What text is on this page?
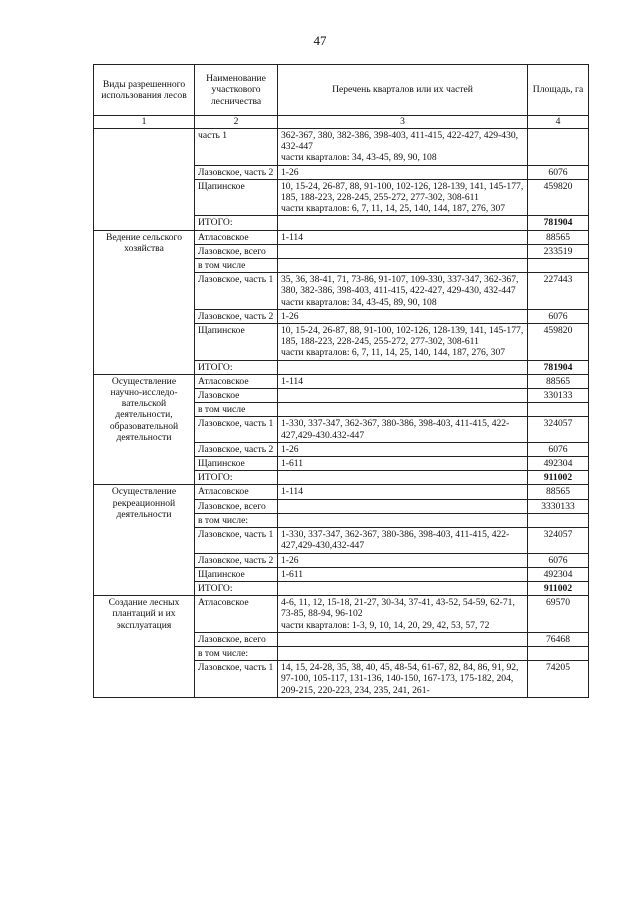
47
Виды разрешенного использования лесов	Наименование участкового лесничества	Перечень кварталов или их частей	Площадь, га
1	2	3	4
	часть 1	362-367, 380, 382-386, 398-403, 411-415, 422-427, 429-430, 432-447
части кварталов: 34, 43-45, 89, 90, 108	

	Лазовское, часть 2	1-26	6076
	Щапинское	10, 15-24, 26-87, 88, 91-100, 102-126, 128-139, 141, 145-177, 185, 188-223, 228-245, 255-272, 277-302, 308-611
части кварталов: 6, 7, 11, 14, 25, 140, 144, 187, 276, 307	459820
	ИТОГО:		781904
Ведение сельского хозяйства	Атласовское	1-114	88565
	Лазовское, всего		233519
	в том числе	

	Лазовское, часть 1	35, 36, 38-41, 71, 73-86, 91-107, 109-330, 337-347, 362-367, 380, 382-386, 398-403, 411-415, 422-427, 429-430, 432-447
части кварталов: 34, 43-45, 89, 90, 108	227443
	Лазовское, часть 2	1-26	6076
	Щапинское	10, 15-24, 26-87, 88, 91-100, 102-126, 128-139, 141, 145-177, 185, 188-223, 228-245, 255-272, 277-302, 308-611
части кварталов: 6, 7, 11, 14, 25, 140, 144, 187, 276, 307	459820
	ИТОГО:		781904
Осуществление научно-исследо-вательской деятельности, образовательной деятельности	Атласовское	1-114	88565
	Лазовское		330133
	в том числе	

	Лазовское, часть 1	1-330, 337-347, 362-367, 380-386, 398-403, 411-415, 422-427,429-430.432-447	324057
	Лазовское, часть 2	1-26	6076
	Щапинское	1-611	492304
	ИТОГО:		911002
Осуществление рекреационной деятельности	Атласовское	1-114	88565
	Лазовское, всего		3330133
	в том числе:	

	Лазовское, часть 1	1-330, 337-347, 362-367, 380-386, 398-403, 411-415, 422-427,429-430,432-447	324057
	Лазовское, часть 2	1-26	6076
	Щапинское	1-611	492304
	ИТОГО:		911002
Создание лесных плантаций и их эксплуатация	Атласовское	4-6, 11, 12, 15-18, 21-27, 30-34, 37-41, 43-52, 54-59, 62-71, 73-85, 88-94, 96-102
части кварталов: 1-3, 9, 10, 14, 20, 29, 42, 53, 57, 72	69570
	Лазовское, всего		76468
	в том числе:	

	Лазовское, часть 1	14, 15, 24-28, 35, 38, 40, 45, 48-54, 61-67, 82, 84, 86, 91, 92, 97-100, 105-117, 131-136, 140-150, 167-173, 175-182, 204, 209-215, 220-223, 234, 235, 241, 261-	74205
